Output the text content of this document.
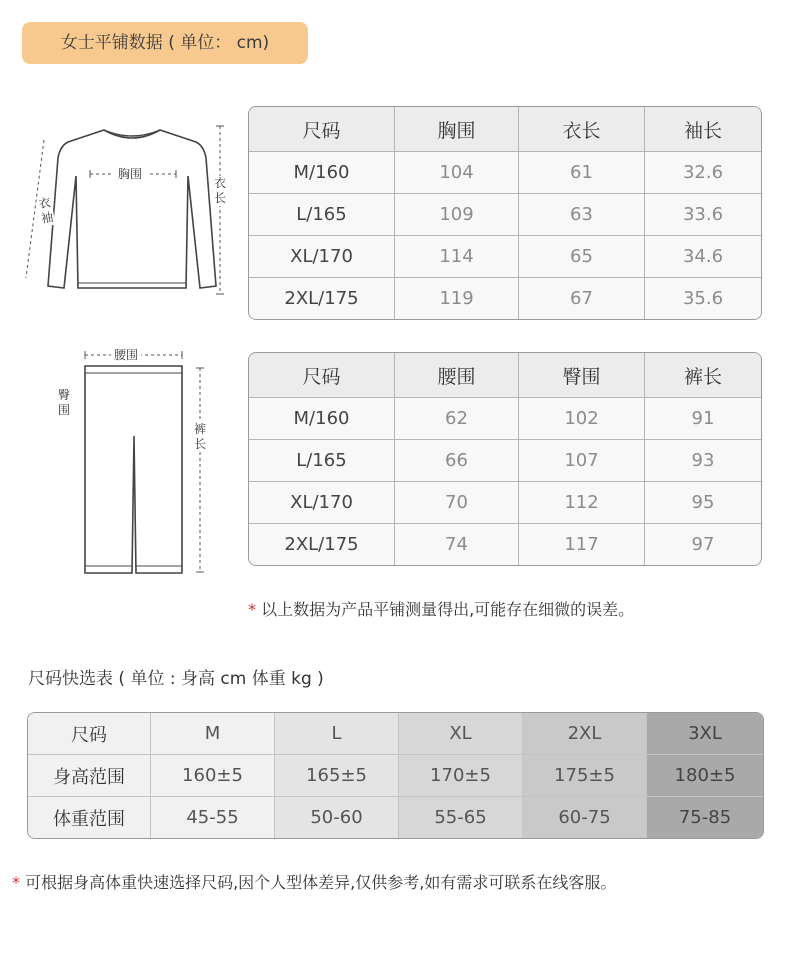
女士平铺数据 ( 单位： cm)
胸围
衣袖
衣长
腰围
臀围
裤长
尺码	胸围	衣长	袖长
M/160	104	61	32.6
L/165	109	63	33.6
XL/170	114	65	34.6
2XL/175	119	67	35.6
尺码	腰围	臀围	裤长
M/160	62	102	91
L/165	66	107	93
XL/170	70	112	95
2XL/175	74	117	97
* 以上数据为产品平铺测量得出,可能存在细微的误差。
尺码快选表 ( 单位 : 身高 cm 体重 kg )
尺码	M	L	XL	2XL	3XL
身高范围	160±5	165±5	170±5	175±5	180±5
体重范围	45-55	50-60	55-65	60-75	75-85
* 可根据身高体重快速选择尺码,因个人型体差异,仅供参考,如有需求可联系在线客服。
